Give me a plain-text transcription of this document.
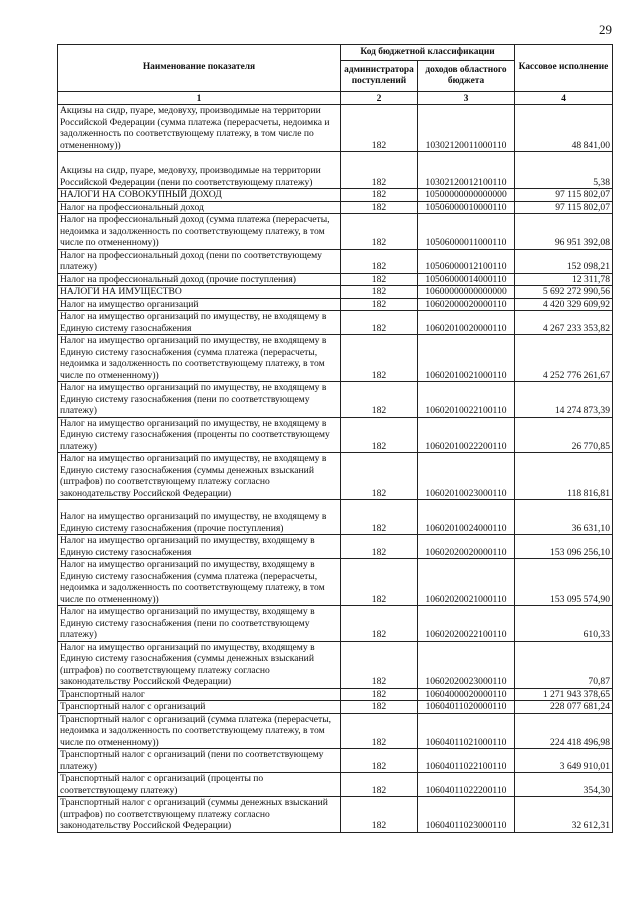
29
Наименование показателя	Код бюджетной классификации		Кассовое исполнение
	администратора поступлений	доходов областного бюджета	
1	2	3	4
Акцизы на сидр, пуаре, медовуху, производимые на территории Российской Федерации (сумма платежа (перерасчеты, недоимка и задолженность по соответствующему платежу, в том числе по отмененному))	182	10302120011000110	48 841,00
Акцизы на сидр, пуаре, медовуху, производимые на территории Российской Федерации (пени по соответствующему платежу)	182	10302120012100110	5,38
НАЛОГИ НА СОВОКУПНЫЙ ДОХОД	182	10500000000000000	97 115 802,07
Налог на профессиональный доход	182	10506000010000110	97 115 802,07
Налог на профессиональный доход (сумма платежа (перерасчеты, недоимка и задолженность по соответствующему платежу, в том числе по отмененному))	182	10506000011000110	96 951 392,08
Налог на профессиональный доход (пени по соответствующему платежу)	182	10506000012100110	152 098,21
Налог на профессиональный доход (прочие поступления)	182	10506000014000110	12 311,78
НАЛОГИ НА ИМУЩЕСТВО	182	10600000000000000	5 692 272 990,56
Налог на имущество организаций	182	10602000020000110	4 420 329 609,92
Налог на имущество организаций по имуществу, не входящему в Единую систему газоснабжения	182	10602010020000110	4 267 233 353,82
Налог на имущество организаций по имуществу, не входящему в Единую систему газоснабжения (сумма платежа (перерасчеты, недоимка и задолженность по соответствующему платежу, в том числе по отмененному))	182	10602010021000110	4 252 776 261,67
Налог на имущество организаций по имуществу, не входящему в Единую систему газоснабжения (пени по соответствующему платежу)	182	10602010022100110	14 274 873,39
Налог на имущество организаций по имуществу, не входящему в Единую систему газоснабжения (проценты по соответствующему платежу)	182	10602010022200110	26 770,85
Налог на имущество организаций по имуществу, не входящему в Единую систему газоснабжения (суммы денежных взысканий (штрафов) по соответствующему платежу согласно законодательству Российской Федерации)	182	10602010023000110	118 816,81
Налог на имущество организаций по имуществу, не входящему в Единую систему газоснабжения (прочие поступления)	182	10602010024000110	36 631,10
Налог на имущество организаций по имуществу, входящему в Единую систему газоснабжения	182	10602020020000110	153 096 256,10
Налог на имущество организаций по имуществу, входящему в Единую систему газоснабжения (сумма платежа (перерасчеты, недоимка и задолженность по соответствующему платежу, в том числе по отмененному))	182	10602020021000110	153 095 574,90
Налог на имущество организаций по имуществу, входящему в Единую систему газоснабжения (пени по соответствующему платежу)	182	10602020022100110	610,33
Налог на имущество организаций по имуществу, входящему в Единую систему газоснабжения (суммы денежных взысканий (штрафов) по соответствующему платежу согласно законодательству Российской Федерации)	182	10602020023000110	70,87
Транспортный налог	182	10604000020000110	1 271 943 378,65
Транспортный налог с организаций	182	10604011020000110	228 077 681,24
Транспортный налог с организаций (сумма платежа (перерасчеты, недоимка и задолженность по соответствующему платежу, в том числе по отмененному))	182	10604011021000110	224 418 496,98
Транспортный налог с организаций (пени по соответствующему платежу)	182	10604011022100110	3 649 910,01
Транспортный налог с организаций (проценты по соответствующему платежу)	182	10604011022200110	354,30
Транспортный налог с организаций (суммы денежных взысканий (штрафов) по соответствующему платежу согласно законодательству Российской Федерации)	182	10604011023000110	32 612,31
